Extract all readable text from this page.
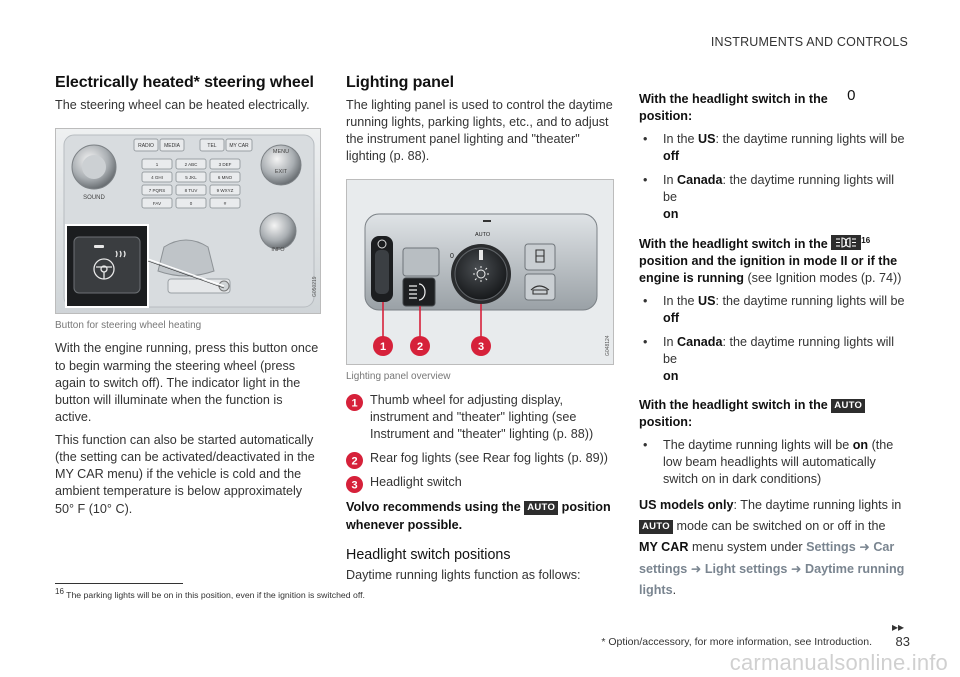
INSTRUMENTS AND CONTROLS
Electrically heated* steering wheel

The steering wheel can be heated electrically.

SOUND
MENU
EXIT
INFO
RADIO MEDIA	TEL	MY CAR
1	2 ABC	3 DEF
4 GHI	5 JKL	6 MNO
7 PQRS	8 TUV	9 WXYZ
FAV	0	#
G050219
Button for steering wheel heating

With the engine running, press this button once to begin warming the steering wheel (press again to switch off). The indicator light in the button will illuminate when the function is active.

This function can also be started automatically (the setting can be activated/deactivated in the MY CAR menu) if the vehicle is cold and the ambient temperature is below approximately 50° F (10° C).

Lighting panel

The lighting panel is used to control the daytime running lights, parking lights, etc., and to adjust the instrument panel lighting and "theater" lighting (p. 88).

0
AUTO
1	2	3	G048124
Lighting panel overview
1 Thumb wheel for adjusting display, instrument and "theater" lighting (see Instrument and "theater" lighting (p. 88))
2 Rear fog lights (see Rear fog lights (p. 89))
3 Headlight switch

Volvo recommends using the AUTO position whenever possible.

Headlight switch positions

Daytime running lights function as follows:

With the headlight switch in the 0 position:

• In the US: the daytime running lights will be
off
• In Canada: the daytime running lights will be
on

With the headlight switch in the	$^{16}$ position and the ignition in mode II or if the engine is running (see Ignition modes (p. 74))

• In the US: the daytime running lights will be
off
• In Canada: the daytime running lights will be
on

With the headlight switch in the AUTO position:

• The daytime running lights will be on (the low beam headlights will automatically switch on in dark conditions)

US models only: The daytime running lights in AUTO mode can be switched on or off in the MY CAR menu system under Settings ➜ Car settings ➜ Light settings ➜ Daytime running lights.

$^{16}$ The parking lights will be on in this position, even if the ignition is switched off.
▸▸
* Option/accessory, for more information, see Introduction. 83
carmanualsonline.info
